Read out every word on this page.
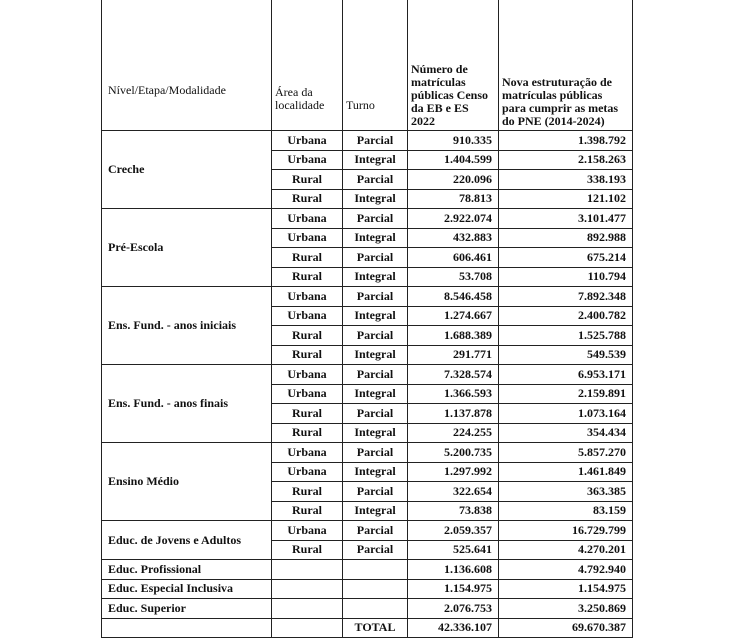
Nível/Etapa/Modalidade	Área da localidade	Turno	Número de matrículas públicas Censo da EB e ES 2022	Nova estruturação de matrículas públicas para cumprir as metas do PNE (2014-2024)
Creche	Urbana	Parcial	910.335	1.398.792
	Urbana	Integral	1.404.599	2.158.263
	Rural	Parcial	220.096	338.193
	Rural	Integral	78.813	121.102
Pré-Escola	Urbana	Parcial	2.922.074	3.101.477
	Urbana	Integral	432.883	892.988
	Rural	Parcial	606.461	675.214
	Rural	Integral	53.708	110.794
Ens. Fund. - anos iniciais	Urbana	Parcial	8.546.458	7.892.348
	Urbana	Integral	1.274.667	2.400.782
	Rural	Parcial	1.688.389	1.525.788
	Rural	Integral	291.771	549.539
Ens. Fund. - anos finais	Urbana	Parcial	7.328.574	6.953.171
	Urbana	Integral	1.366.593	2.159.891
	Rural	Parcial	1.137.878	1.073.164
	Rural	Integral	224.255	354.434
Ensino Médio	Urbana	Parcial	5.200.735	5.857.270
	Urbana	Integral	1.297.992	1.461.849
	Rural	Parcial	322.654	363.385
	Rural	Integral	73.838	83.159
Educ. de Jovens e Adultos	Urbana	Parcial	2.059.357	16.729.799
	Rural	Parcial	525.641	4.270.201
Educ. Profissional			1.136.608	4.792.940
Educ. Especial Inclusiva			1.154.975	1.154.975
Educ. Superior			2.076.753	3.250.869
		TOTAL	42.336.107	69.670.387
